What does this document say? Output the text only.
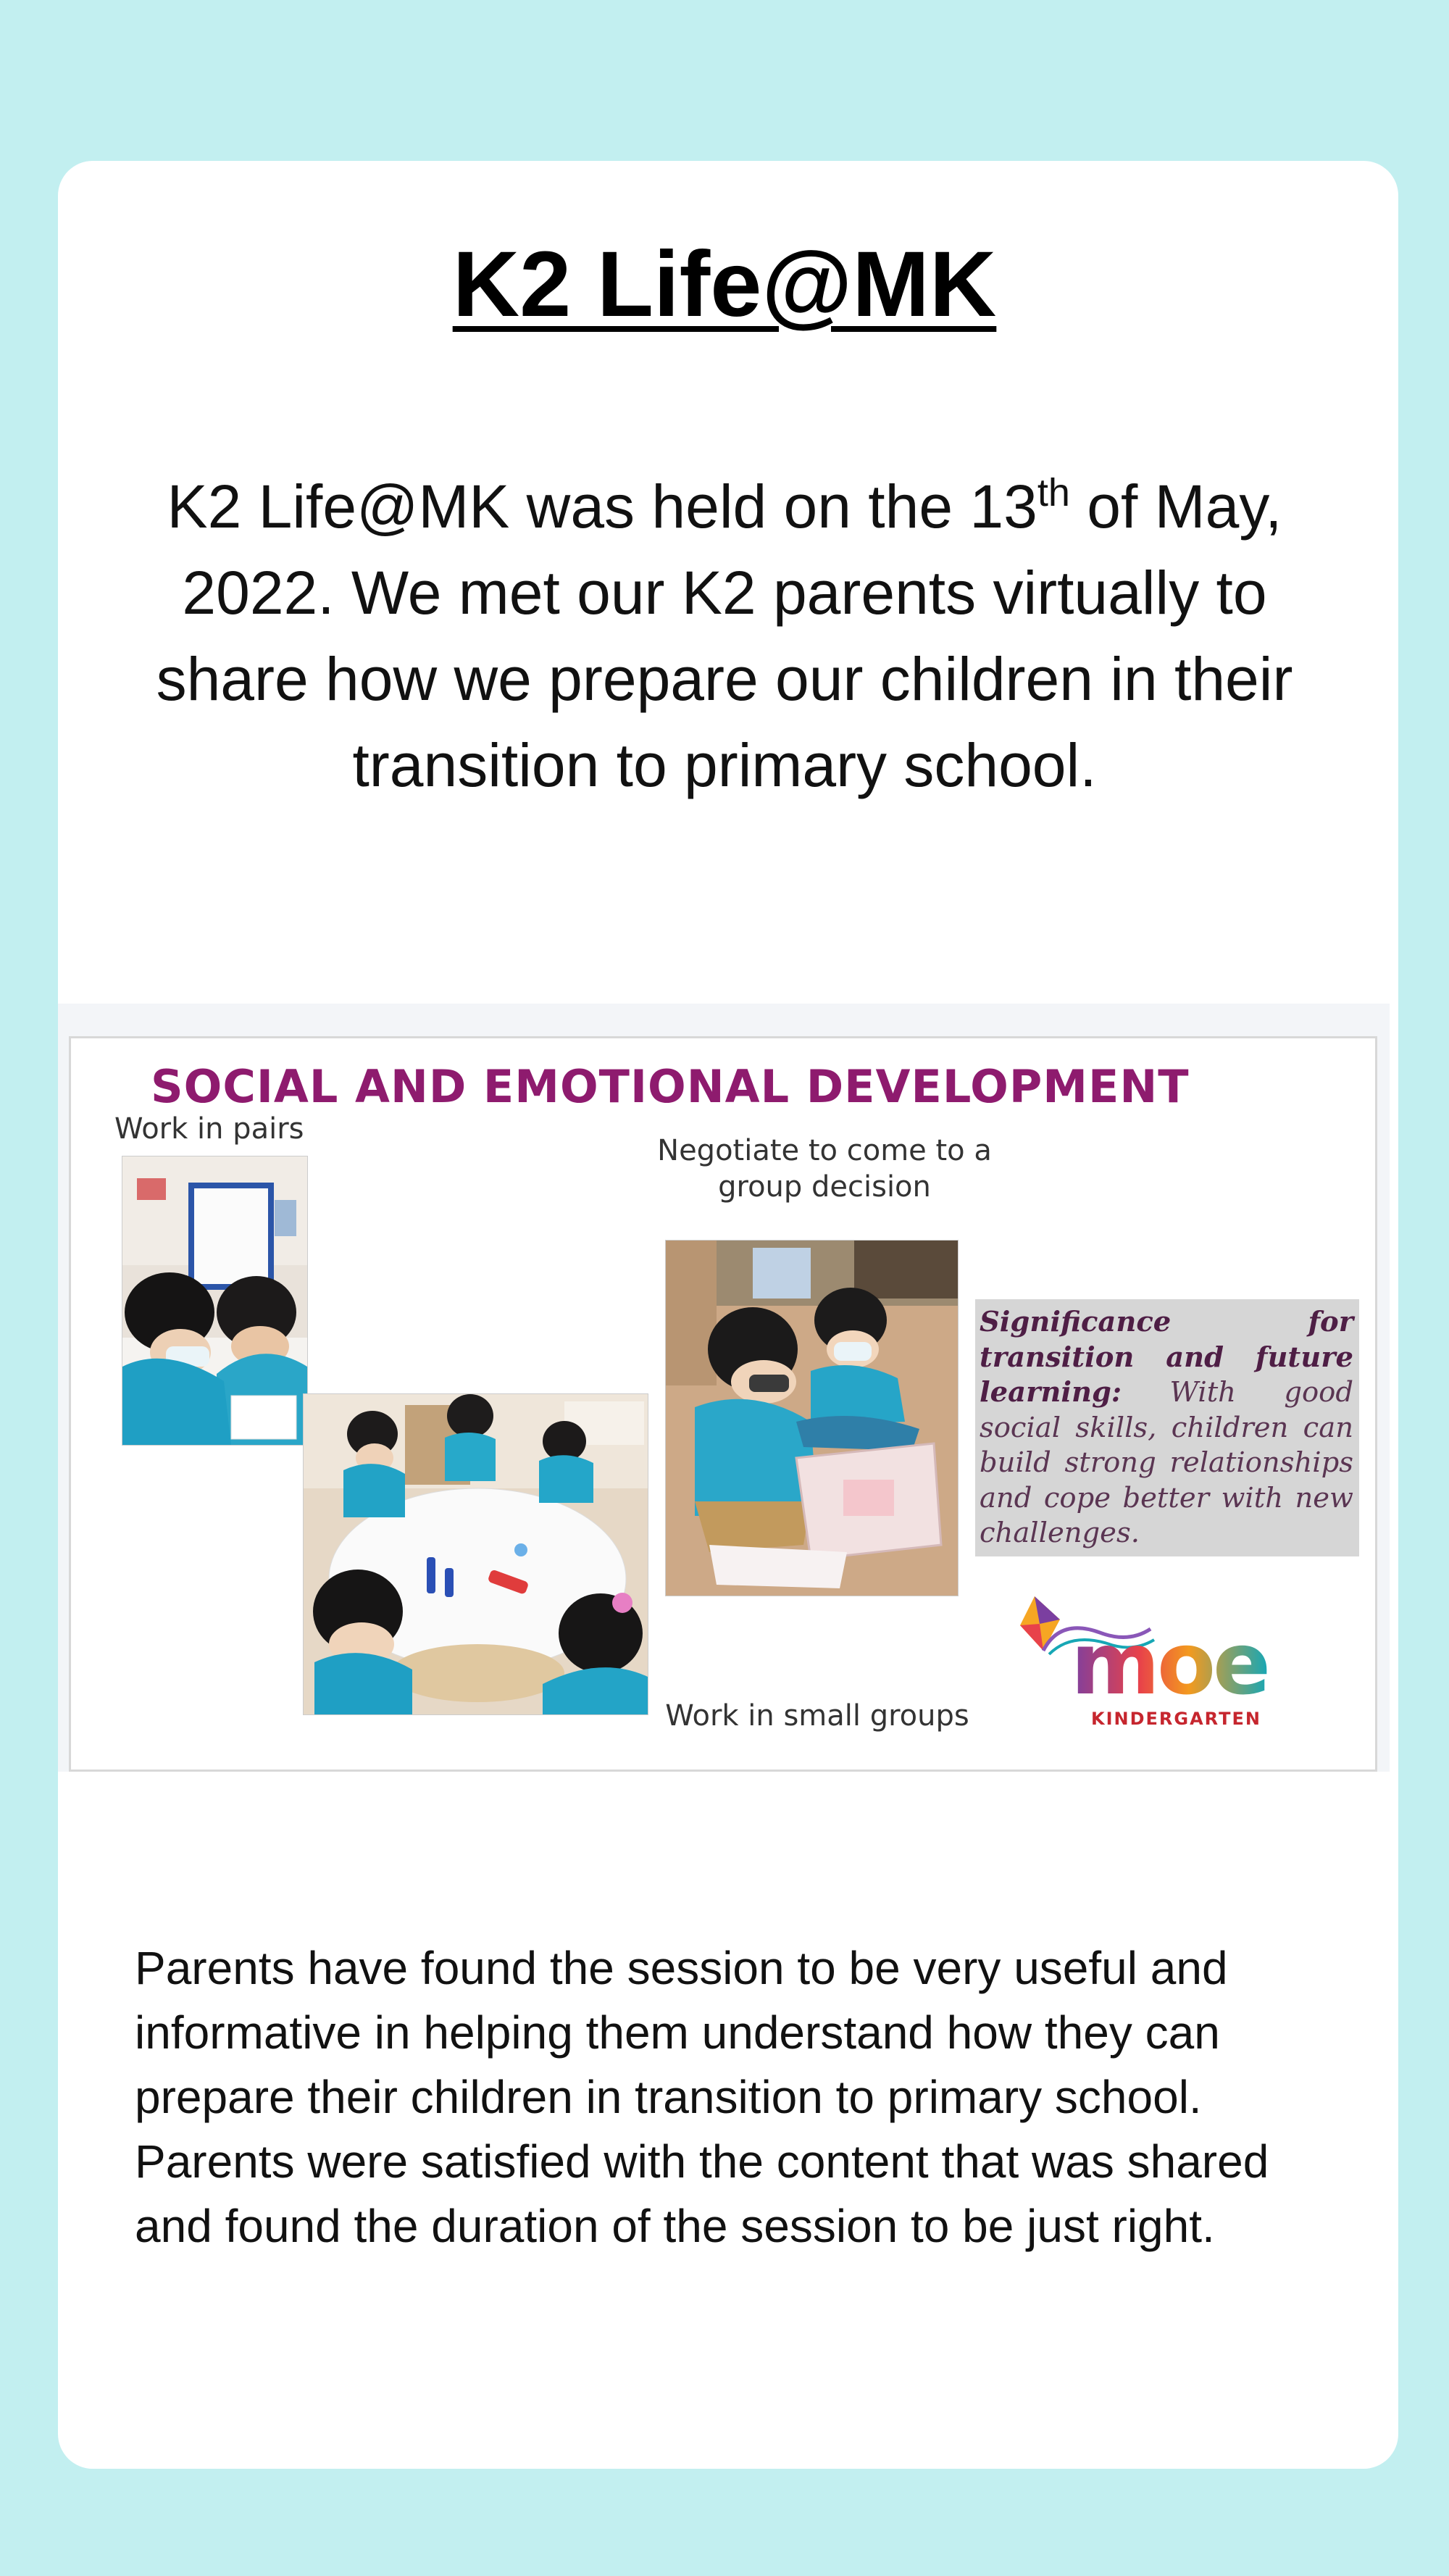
K2 Life@MK

K2 Life@MK was held on the 13th of May, 2022. We met our K2 parents virtually to share how we prepare our children in their transition to primary school.

SOCIAL AND EMOTIONAL DEVELOPMENT
Work in pairs
Negotiate to come to a group decision
Significance for transition and future learning: With good social skills, children can build strong relationships and cope better with new challenges.
moe
KINDERGARTEN
Work in small groups

Parents have found the session to be very useful and informative in helping them understand how they can prepare their children in transition to primary school. Parents were satisfied with the content that was shared and found the duration of the session to be just right.
